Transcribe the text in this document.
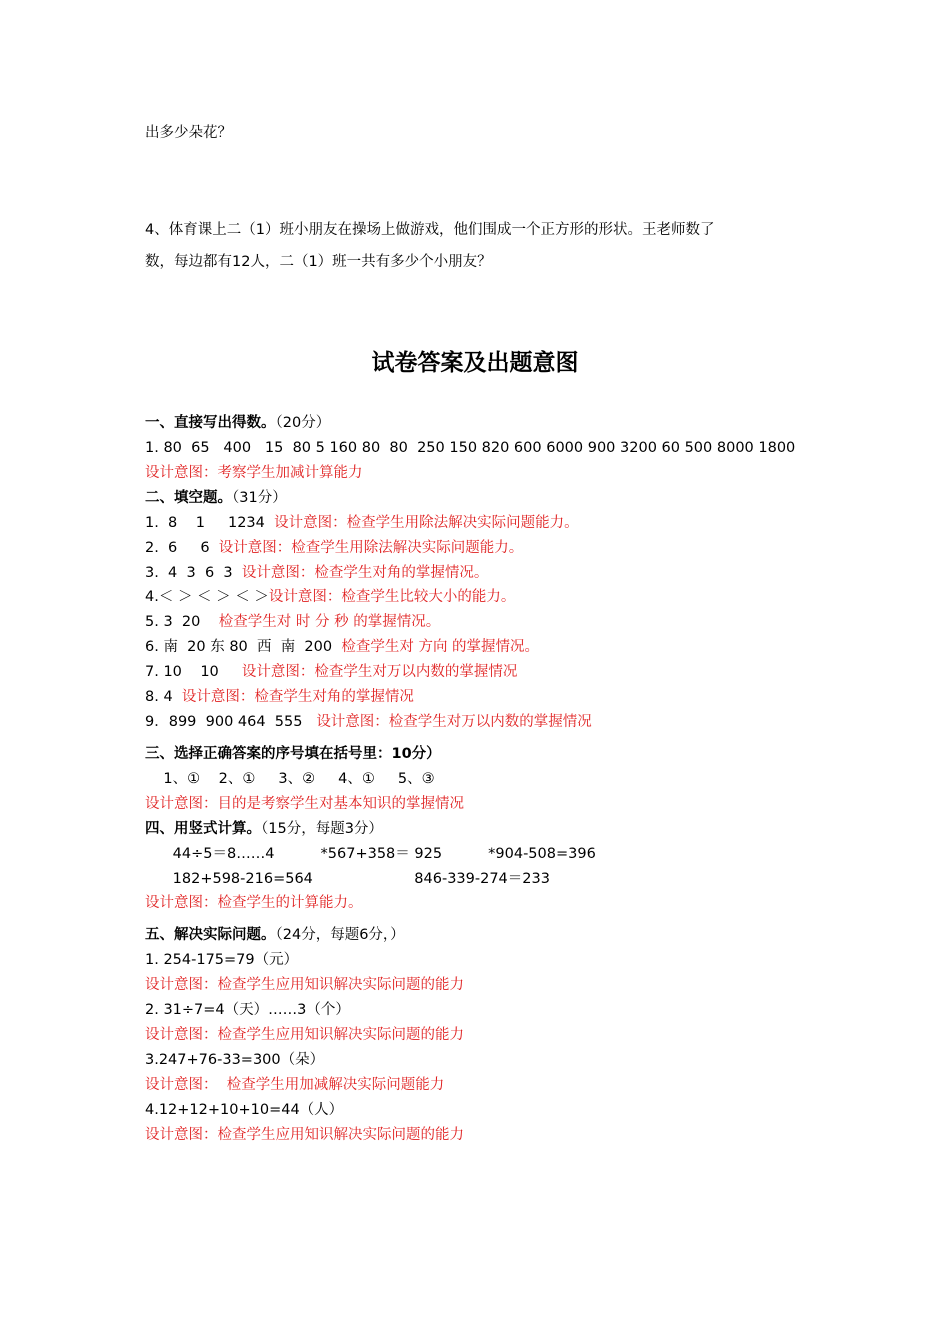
出多少朵花？
4、体育课上二（1）班小朋友在操场上做游戏，他们围成一个正方形的形状。王老师数了
数，每边都有12人，二（1）班一共有多少个小朋友？
试卷答案及出题意图
一、直接写出得数。（20分）
1. 80  65   400   15  80 5 160 80  80  250 150 820 600 6000 900 3200 60 500 8000 1800
设计意图：考察学生加减计算能力
二、填空题。（31分）
1.  8    1     1234  设计意图：检查学生用除法解决实际问题能力。
2.  6     6  设计意图：检查学生用除法解决实际问题能力。
3.  4  3  6  3  设计意图：检查学生对角的掌握情况。
4.＜ ＞ ＜ ＞ ＜ ＞设计意图：检查学生比较大小的能力。
5. 3  20    检查学生对 时 分 秒 的掌握情况。
6. 南  20 东 80  西  南  200  检查学生对 方向 的掌握情况。
7. 10    10     设计意图：检查学生对万以内数的掌握情况
8. 4  设计意图：检查学生对角的掌握情况
9．899  900 464  555   设计意图：检查学生对万以内数的掌握情况
三、选择正确答案的序号填在括号里：10分）
1、①    2、①     3、②     4、①     5、③
设计意图：目的是考察学生对基本知识的掌握情况
四、用竖式计算。（15分，每题3分）
44÷5＝8……4          *567+358＝ 925          *904-508=396
182+598-216=564                      846-339-274＝233
设计意图：检查学生的计算能力。
五、解决实际问题。（24分，每题6分，）
1. 254-175=79（元）
设计意图：检查学生应用知识解决实际问题的能力
2. 31÷7=4（天）……3（个）
设计意图：检查学生应用知识解决实际问题的能力
3.247+76-33=300（朵）
设计意图：  检查学生用加减解决实际问题能力
4.12+12+10+10=44（人）
设计意图：检查学生应用知识解决实际问题的能力
